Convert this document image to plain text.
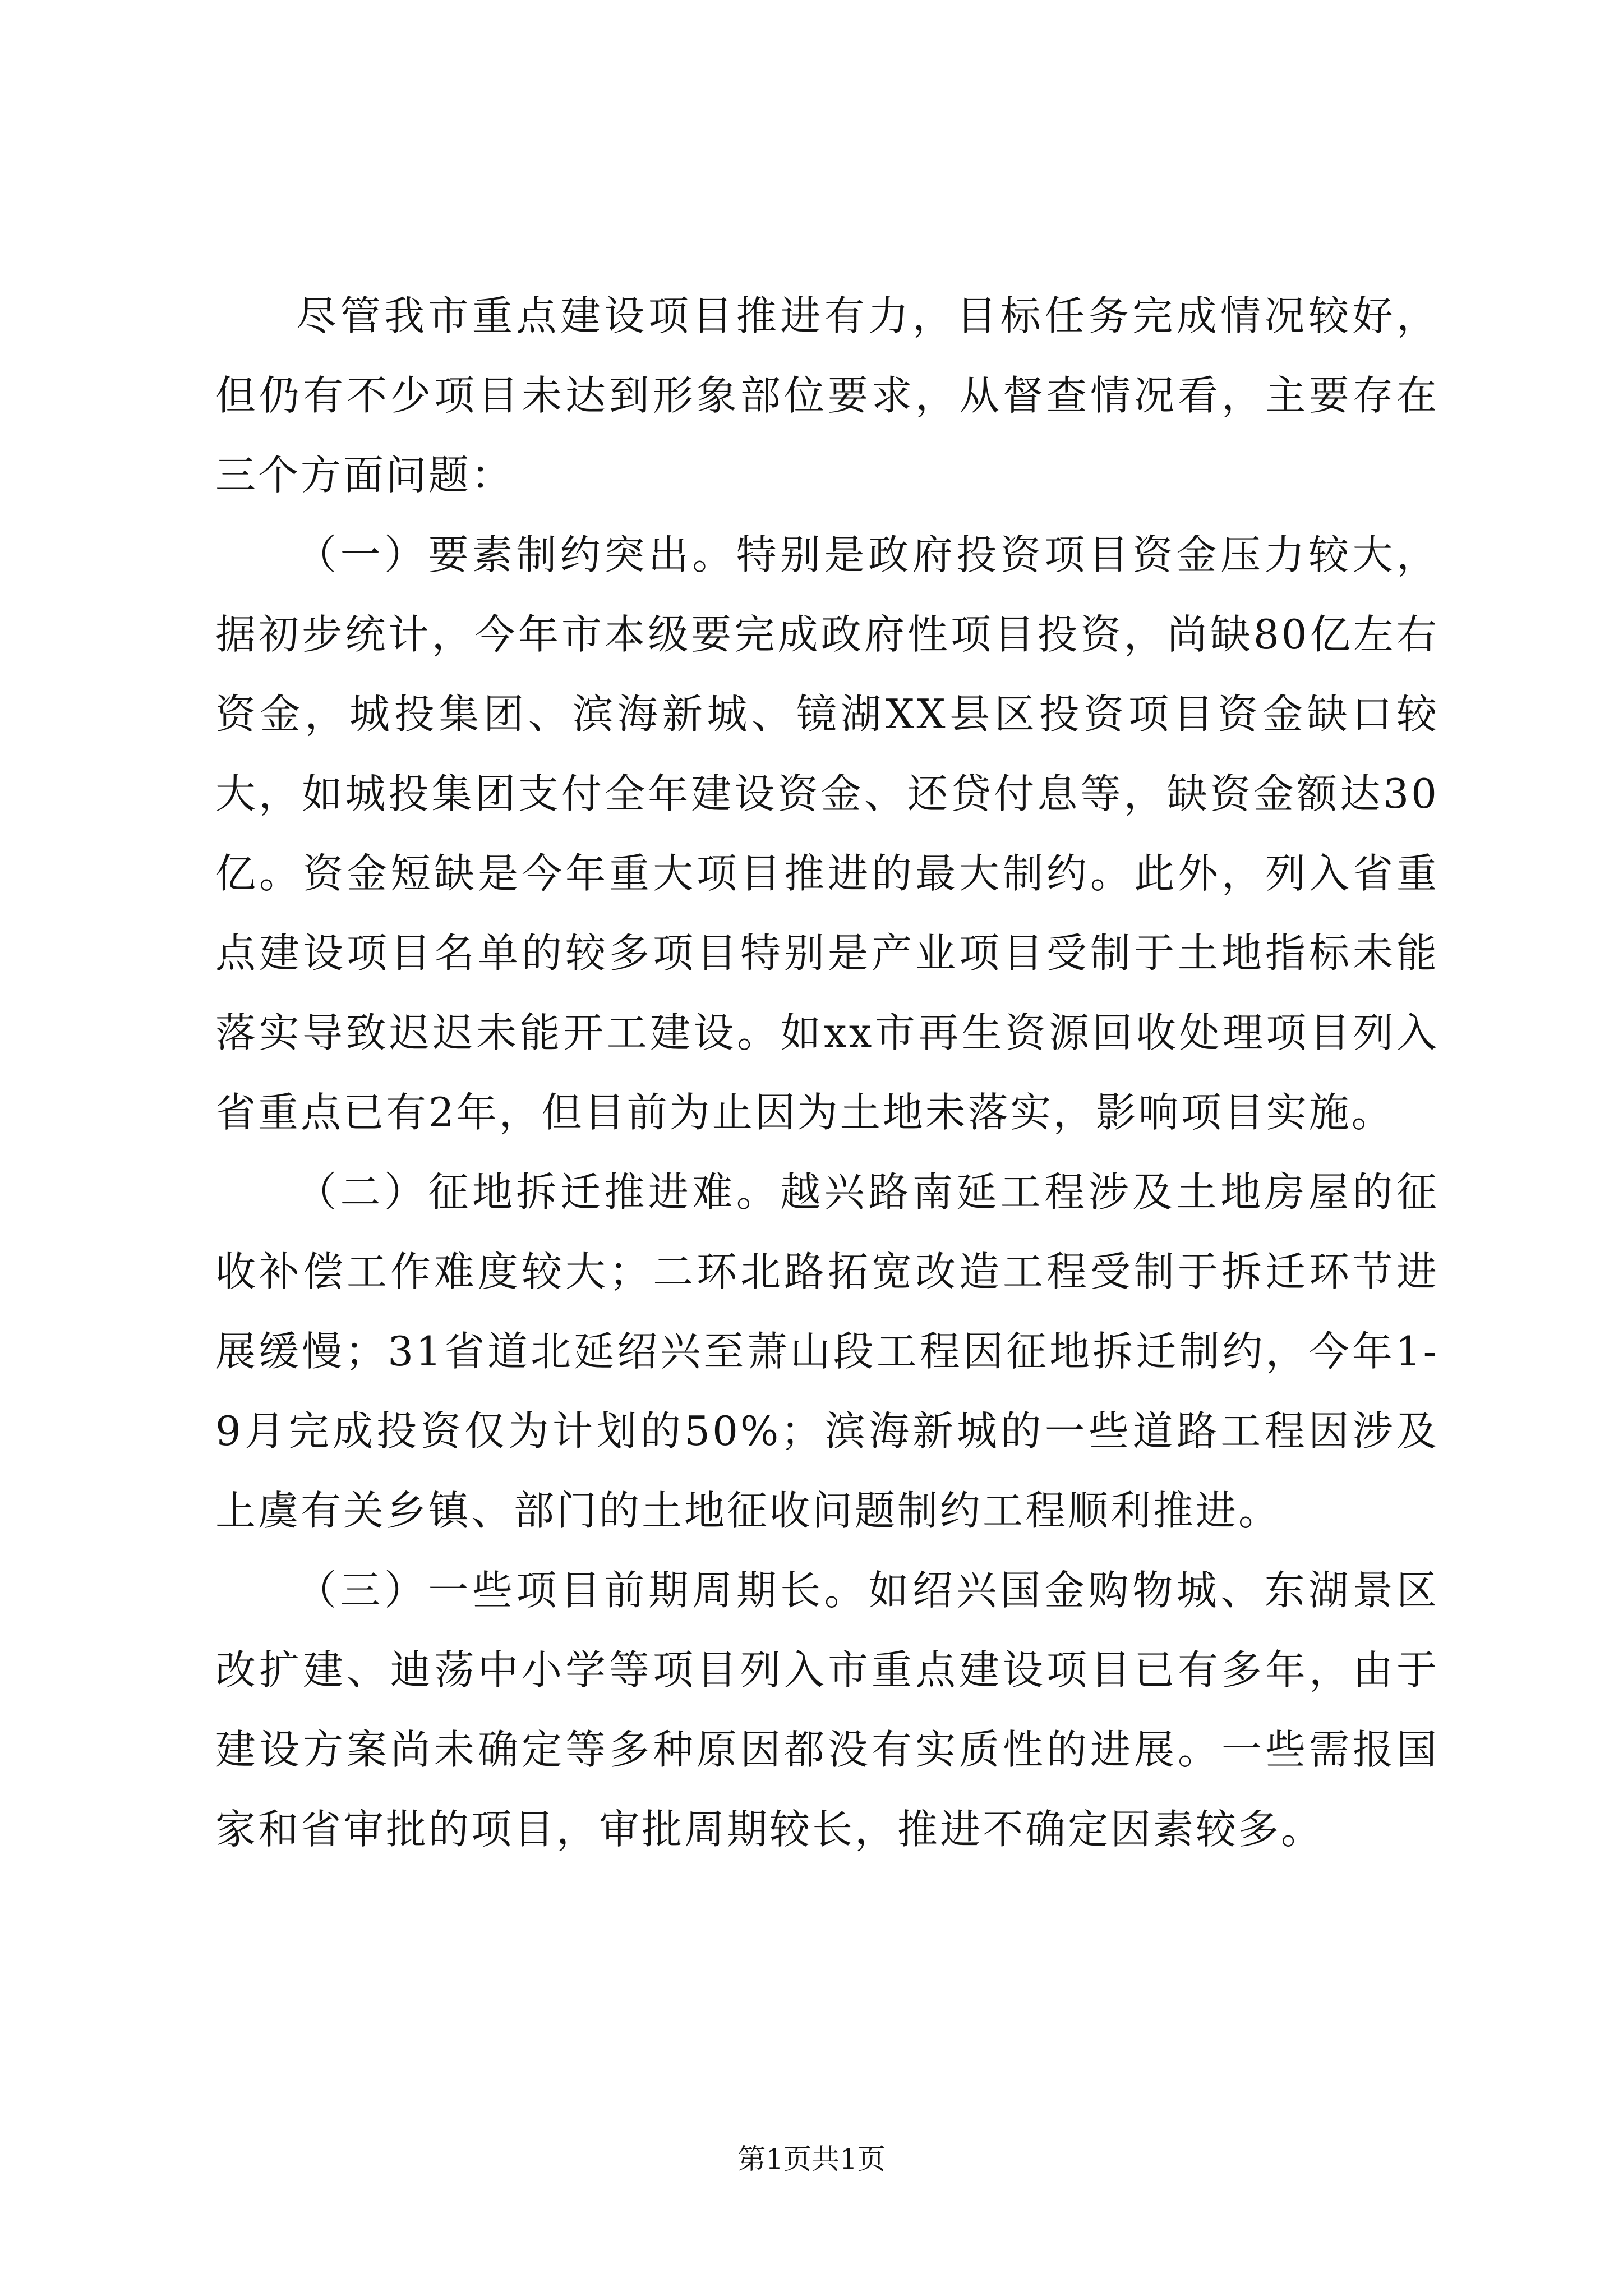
尽管我市重点建设项目推进有力，目标任务完成情况较好，但仍有不少项目未达到形象部位要求，从督查情况看，主要存在三个方面问题：

（一）要素制约突出。特别是政府投资项目资金压力较大，据初步统计，今年市本级要完成政府性项目投资，尚缺80亿左右资金，城投集团、滨海新城、镜湖XX县区投资项目资金缺口较大，如城投集团支付全年建设资金、还贷付息等，缺资金额达30亿。资金短缺是今年重大项目推进的最大制约。此外，列入省重点建设项目名单的较多项目特别是产业项目受制于土地指标未能落实导致迟迟未能开工建设。如xx市再生资源回收处理项目列入省重点已有2年，但目前为止因为土地未落实，影响项目实施。

（二）征地拆迁推进难。越兴路南延工程涉及土地房屋的征收补偿工作难度较大；二环北路拓宽改造工程受制于拆迁环节进展缓慢；31省道北延绍兴至萧山段工程因征地拆迁制约，今年1-9月完成投资仅为计划的50%；滨海新城的一些道路工程因涉及上虞有关乡镇、部门的土地征收问题制约工程顺利推进。

（三）一些项目前期周期长。如绍兴国金购物城、东湖景区改扩建、迪荡中小学等项目列入市重点建设项目已有多年，由于建设方案尚未确定等多种原因都没有实质性的进展。一些需报国家和省审批的项目，审批周期较长，推进不确定因素较多。

第1页共1页
